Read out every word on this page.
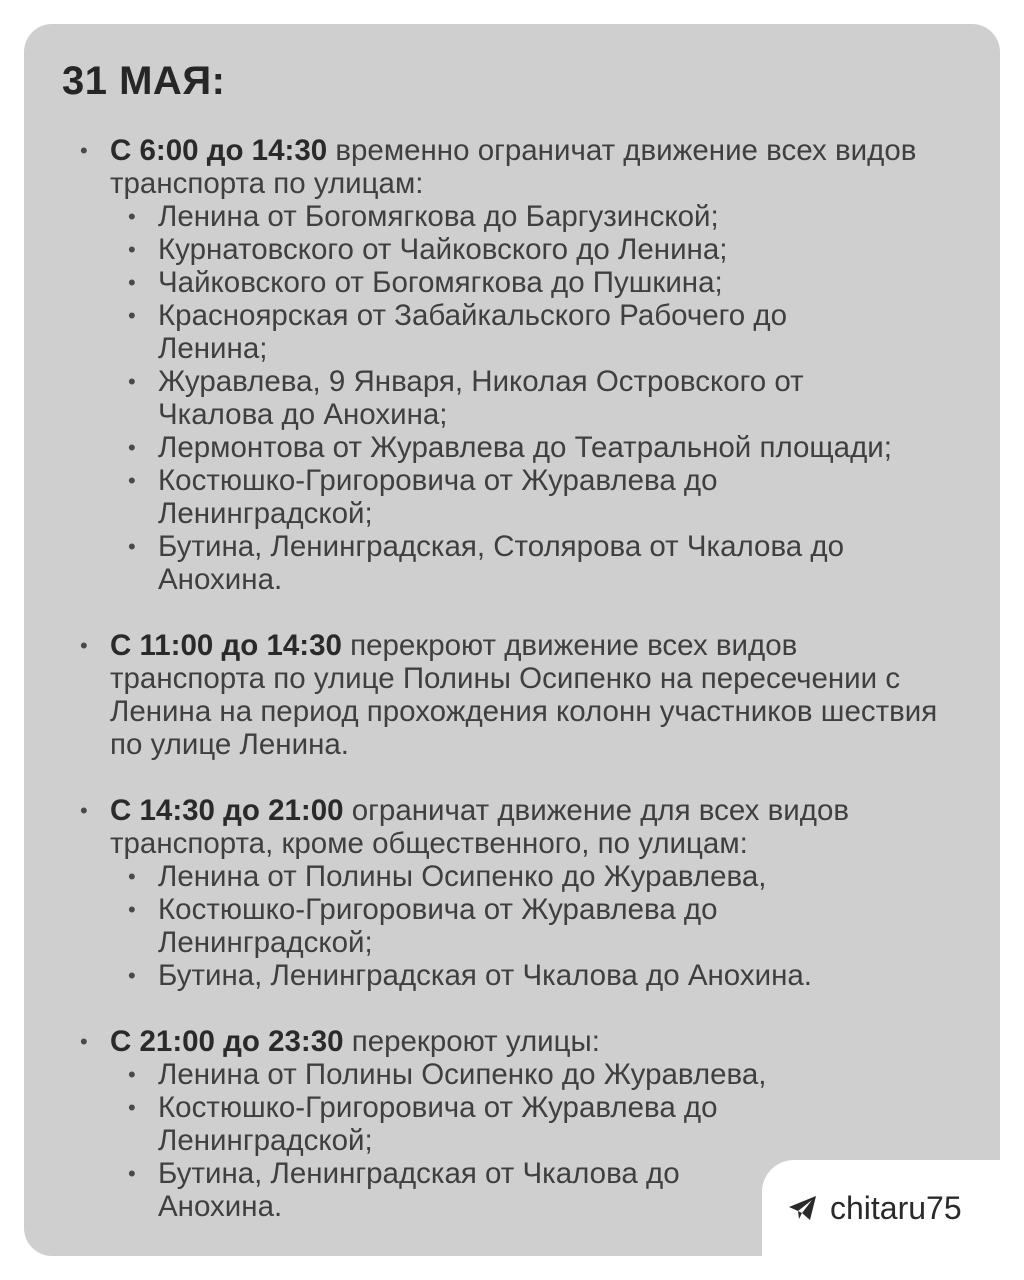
31 МАЯ:
• С 6:00 до 14:30 временно ограничат движение всех видов транспорта по улицам:
• Ленина от Богомягкова до Баргузинской;
• Курнатовского от Чайковского до Ленина;
• Чайковского от Богомягкова до Пушкина;
• Красноярская от Забайкальского Рабочего до Ленина;
• Журавлева, 9 Января, Николая Островского от Чкалова до Анохина;
• Лермонтова от Журавлева до Театральной площади;
• Костюшко-Григоровича от Журавлева до Ленинградской;
• Бутина, Ленинградская, Столярова от Чкалова до Анохина.
• С 11:00 до 14:30 перекроют движение всех видов транспорта по улице Полины Осипенко на пересечении с Ленина на период прохождения колонн участников шествия по улице Ленина.
• С 14:30 до 21:00 ограничат движение для всех видов транспорта, кроме общественного, по улицам:
• Ленина от Полины Осипенко до Журавлева,
• Костюшко-Григоровича от Журавлева до Ленинградской;
• Бутина, Ленинградская от Чкалова до Анохина.
• С 21:00 до 23:30 перекроют улицы:
• Ленина от Полины Осипенко до Журавлева,
• Костюшко-Григоровича от Журавлева до Ленинградской;
• Бутина, Ленинградская от Чкалова до Анохина.	chitaru75
